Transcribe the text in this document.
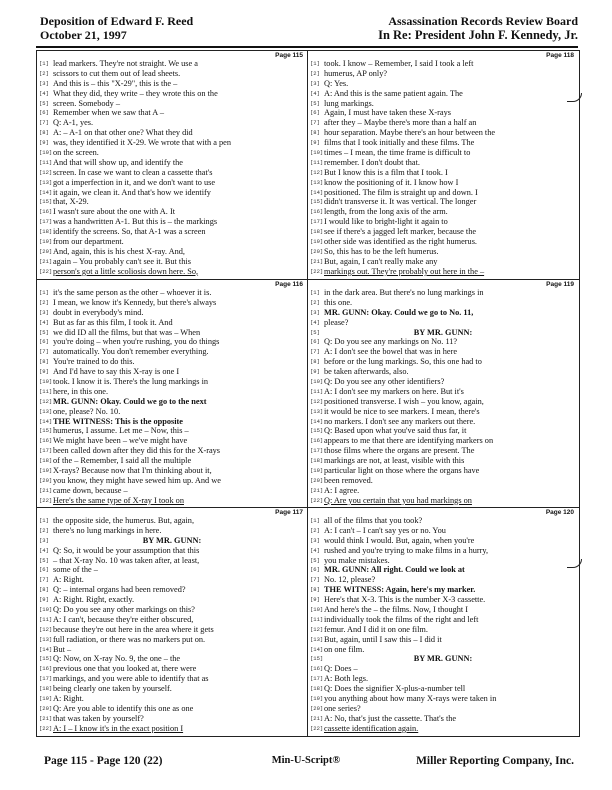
Deposition of Edward F. Reed
October 21, 1997
Assassination Records Review Board
In Re: President John F. Kennedy, Jr.
Page 115
[1] lead markers. They're not straight. We use a
[2] scissors to cut them out of lead sheets.
[3] And this is – this "X-29", this is the –
[4] What they did, they write – they wrote this on the
[5] screen. Somebody –
[6] Remember when we saw that A –
[7] Q: A-1, yes.
[8] A: – A-1 on that other one? What they did
[9] was, they identified it X-29. We wrote that with a pen
[10] on the screen.
[11] And that will show up, and identify the
[12] screen. In case we want to clean a cassette that's
[13] got a imperfection in it, and we don't want to use
[14] it again, we clean it. And that's how we identify
[15] that, X-29.
[16] I wasn't sure about the one with A. It
[17] was a handwritten A-1. But this is – the markings
[18] identify the screens. So, that A-1 was a screen
[19] from our department.
[20] And, again, this is his chest X-ray. And,
[21] again – You probably can't see it. But this
[22] person's got a little scoliosis down here. So,
Page 118
[1] took. I know – Remember, I said I took a left
[2] humerus, AP only?
[3] Q: Yes.
[4] A: And this is the same patient again. The
[5] lung markings.
[6] Again, I must have taken these X-rays
[7] after they – Maybe there's more than a half an
[8] hour separation. Maybe there's an hour between the
[9] films that I took initially and these films. The
[10] times – I mean, the time frame is difficult to
[11] remember. I don't doubt that.
[12] But I know this is a film that I took. I
[13] know the positioning of it. I know how I
[14] positioned. The film is straight up and down. I
[15] didn't transverse it. It was vertical. The longer
[16] length, from the long axis of the arm.
[17] I would like to bright-light it again to
[18] see if there's a jagged left marker, because the
[19] other side was identified as the right humerus.
[20] So, this has to be the left humerus.
[21] But, again, I can't really make any
[22] markings out. They're probably out here in the –
Page 116
[1] it's the same person as the other – whoever it is.
[2] I mean, we know it's Kennedy, but there's always
[3] doubt in everybody's mind.
[4] But as far as this film, I took it. And
[5] we did ID all the films, but that was – When
[6] you're doing – when you're rushing, you do things
[7] automatically. You don't remember everything.
[8] You're trained to do this.
[9] And I'd have to say this X-ray is one I
[10] took. I know it is. There's the lung markings in
[11] here, in this one.
[12] MR. GUNN: Okay. Could we go to the next
[13] one, please? No. 10.
[14] THE WITNESS: This is the opposite
[15] humerus, I assume. Let me – Now, this –
[16] We might have been – we've might have
[17] been called down after they did this for the X-rays
[18] of the – Remember, I said all the multiple
[19] X-rays? Because now that I'm thinking about it,
[20] you know, they might have sewed him up. And we
[21] came down, because –
[22] Here's the same type of X-ray I took on
Page 119
[1] in the dark area. But there's no lung markings in
[2] this one.
[3] MR. GUNN: Okay. Could we go to No. 11,
[4] please?
[5]	BY MR. GUNN:
[6] Q: Do you see any markings on No. 11?
[7] A: I don't see the bowel that was in here
[8] before or the lung markings. So, this one had to
[9] be taken afterwards, also.
[10] Q: Do you see any other identifiers?
[11] A: I don't see my markers on here. But it's
[12] positioned transverse. I wish – you know, again,
[13] it would be nice to see markers. I mean, there's
[14] no markers. I don't see any markers out there.
[15] Q: Based upon what you've said thus far, it
[16] appears to me that there are identifying markers on
[17] those films where the organs are present. The
[18] markings are not, at least, visible with this
[19] particular light on those where the organs have
[20] been removed.
[21] A: I agree.
[22] Q: Are you certain that you had markings on
Page 117
[1] the opposite side, the humerus. But, again,
[2] there's no lung markings in here.
[3]	BY MR. GUNN:
[4] Q: So, it would be your assumption that this
[5] – that X-ray No. 10 was taken after, at least,
[6] some of the –
[7] A: Right.
[8] Q: – internal organs had been removed?
[9] A: Right. Right, exactly.
[10] Q: Do you see any other markings on this?
[11] A: I can't, because they're either obscured,
[12] because they're out here in the area where it gets
[13] full radiation, or there was no markers put on.
[14] But –
[15] Q: Now, on X-ray No. 9, the one – the
[16] previous one that you looked at, there were
[17] markings, and you were able to identify that as
[18] being clearly one taken by yourself.
[19] A: Right.
[20] Q: Are you able to identify this one as one
[21] that was taken by yourself?
[22] A: I – I know it's in the exact position I
Page 120
[1] all of the films that you took?
[2] A: I can't – I can't say yes or no. You
[3] would think I would. But, again, when you're
[4] rushed and you're trying to make films in a hurry,
[5] you make mistakes.
[6] MR. GUNN: All right. Could we look at
[7] No. 12, please?
[8] THE WITNESS: Again, here's my marker.
[9] Here's that X-3. This is the number X-3 cassette.
[10] And here's the – the films. Now, I thought I
[11] individually took the films of the right and left
[12] femur. And I did it on one film.
[13] But, again, until I saw this – I did it
[14] on one film.
[15]	BY MR. GUNN:
[16] Q: Does –
[17] A: Both legs.
[18] Q: Does the signifier X-plus-a-number tell
[19] you anything about how many X-rays were taken in
[20] one series?
[21] A: No, that's just the cassette. That's the
[22] cassette identification again.
Page 115 - Page 120 (22)	Min-U-Script®	Miller Reporting Company, Inc.
